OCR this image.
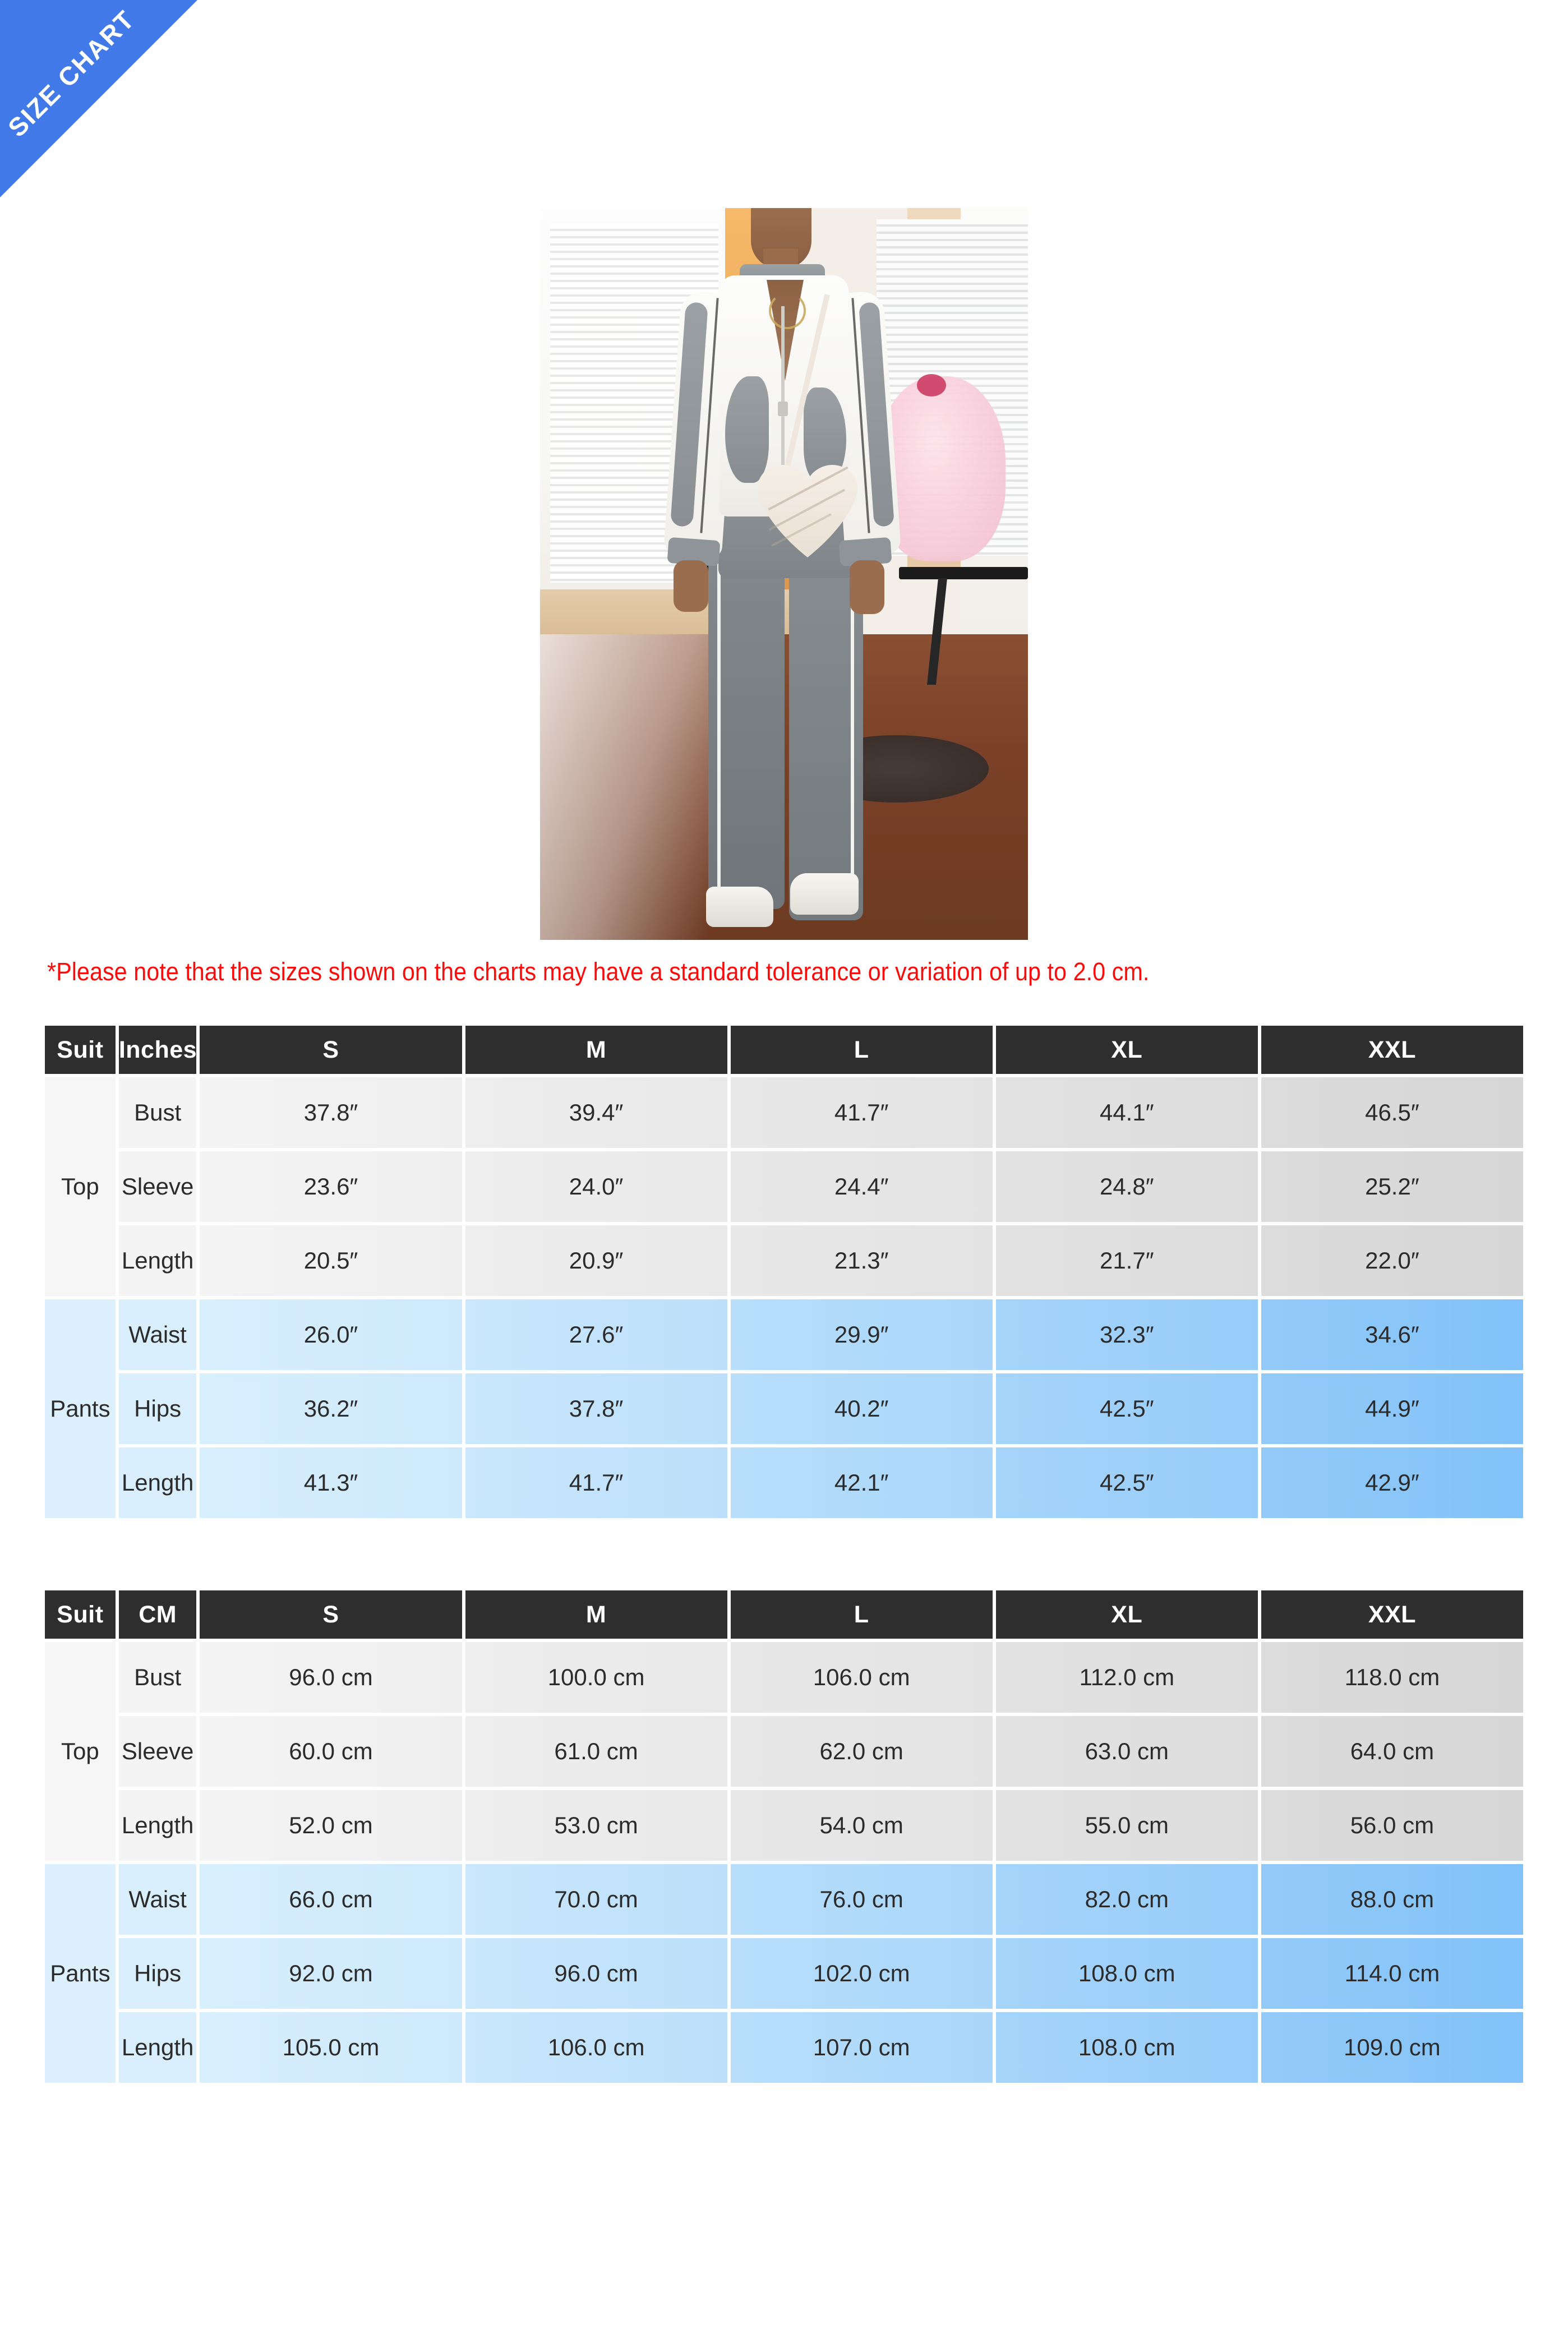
SIZE CHART
*Please note that the sizes shown on the charts may have a standard tolerance or variation of up to 2.0 cm.
Suit	Inches	S	M	L	XL	XXL
Top	Bust	37.8″	39.4″	41.7″	44.1″	46.5″
	Sleeve	23.6″	24.0″	24.4″	24.8″	25.2″
	Length	20.5″	20.9″	21.3″	21.7″	22.0″
Pants	Waist	26.0″	27.6″	29.9″	32.3″	34.6″
	Hips	36.2″	37.8″	40.2″	42.5″	44.9″
	Length	41.3″	41.7″	42.1″	42.5″	42.9″
Suit	CM	S	M	L	XL	XXL
Top	Bust	96.0 cm	100.0 cm	106.0 cm	112.0 cm	118.0 cm
	Sleeve	60.0 cm	61.0 cm	62.0 cm	63.0 cm	64.0 cm
	Length	52.0 cm	53.0 cm	54.0 cm	55.0 cm	56.0 cm
Pants	Waist	66.0 cm	70.0 cm	76.0 cm	82.0 cm	88.0 cm
	Hips	92.0 cm	96.0 cm	102.0 cm	108.0 cm	114.0 cm
	Length	105.0 cm	106.0 cm	107.0 cm	108.0 cm	109.0 cm
